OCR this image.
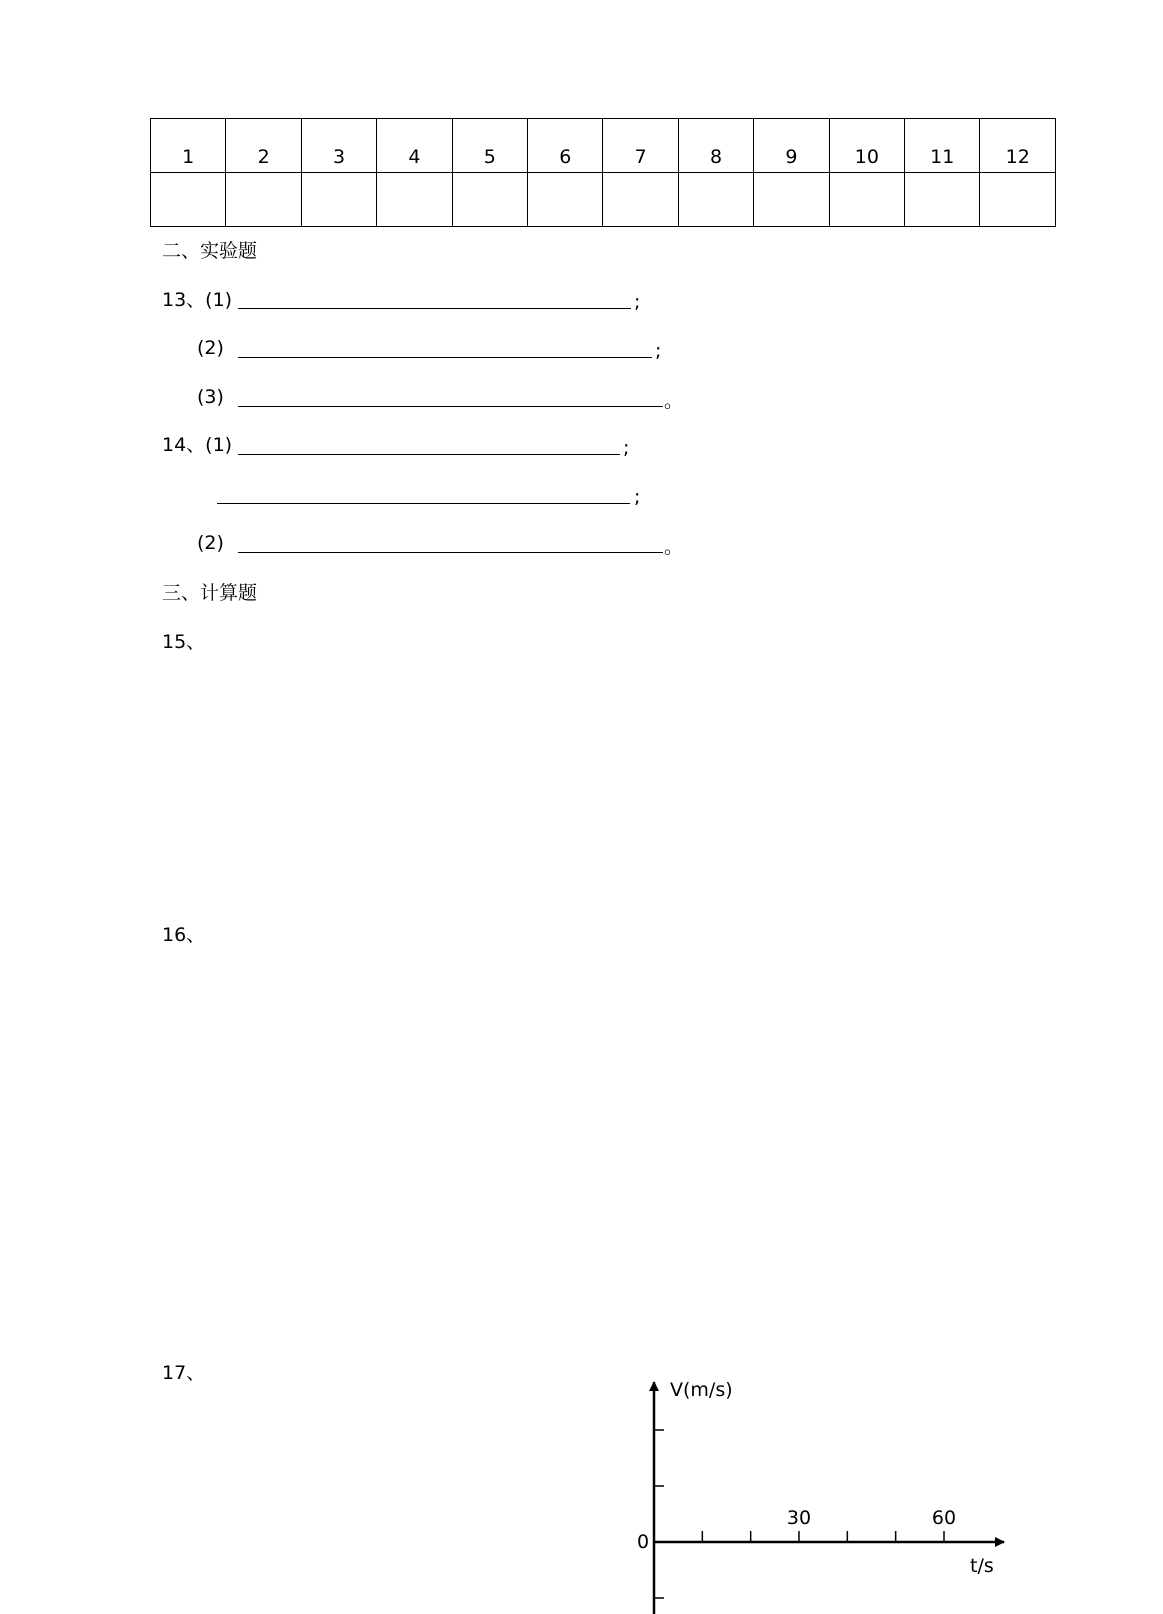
1	2	3	4	5	6	7	8	9	10	11	12

二、实验题
13、(1)	;
(2)	;
(3)	。
14、(1)	;
;
(2)	。
三、计算题
15、
16、
17、
V(m/s)
t/s
0
30	60
